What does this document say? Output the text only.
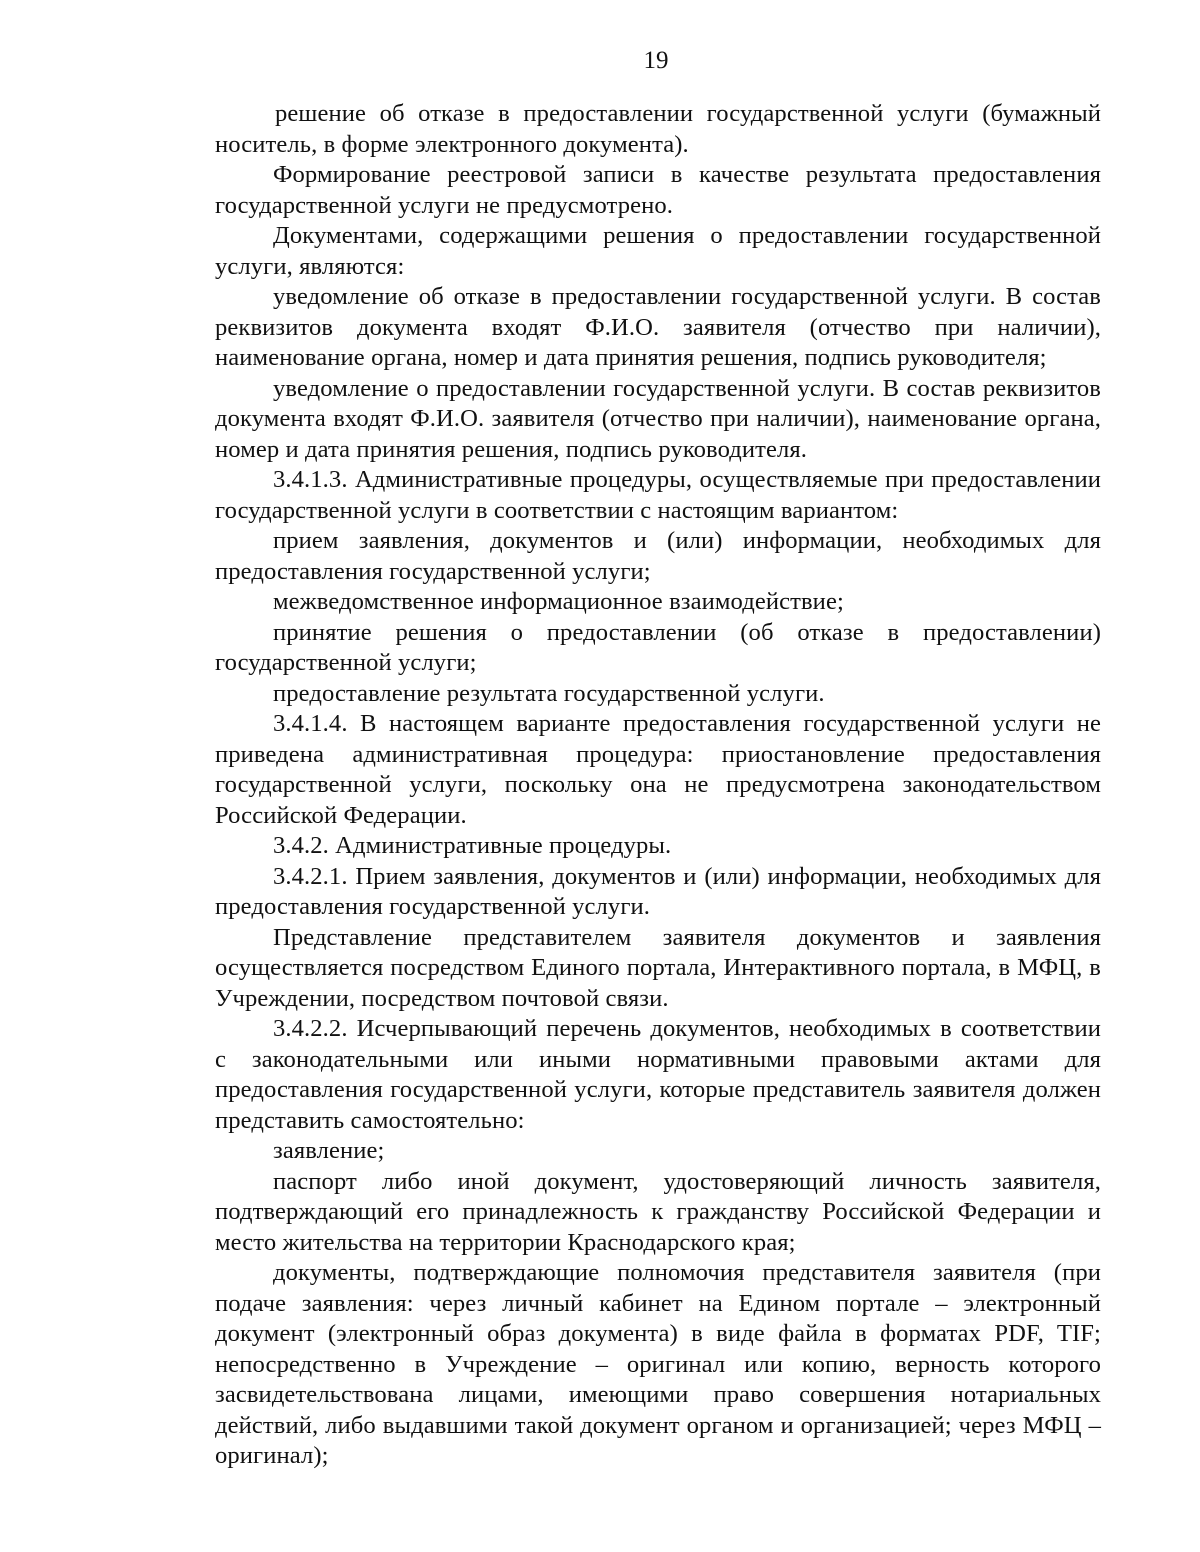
19

решение об отказе в предоставлении государственной услуги (бумажный носитель, в форме электронного документа).

Формирование реестровой записи в качестве результата предоставления государственной услуги не предусмотрено.

Документами, содержащими решения о предоставлении государственной услуги, являются:

уведомление об отказе в предоставлении государственной услуги. В состав реквизитов документа входят Ф.И.О. заявителя (отчество при наличии), наименование органа, номер и дата принятия решения, подпись руководителя;

уведомление о предоставлении государственной услуги. В состав реквизитов документа входят Ф.И.О. заявителя (отчество при наличии), наименование органа, номер и дата принятия решения, подпись руководителя.

3.4.1.3. Административные процедуры, осуществляемые при предоставлении государственной услуги в соответствии с настоящим вариантом:

прием заявления, документов и (или) информации, необходимых для предоставления государственной услуги;

межведомственное информационное взаимодействие;

принятие решения о предоставлении (об отказе в предоставлении) государственной услуги;

предоставление результата государственной услуги.

3.4.1.4. В настоящем варианте предоставления государственной услуги не приведена административная процедура: приостановление предоставления государственной услуги, поскольку она не предусмотрена законодательством Российской Федерации.

3.4.2. Административные процедуры.

3.4.2.1. Прием заявления, документов и (или) информации, необходимых для предоставления государственной услуги.

Представление представителем заявителя документов и заявления осуществляется посредством Единого портала, Интерактивного портала, в МФЦ, в Учреждении, посредством почтовой связи.

3.4.2.2. Исчерпывающий перечень документов, необходимых в соответствии с законодательными или иными нормативными правовыми актами для предоставления государственной услуги, которые представитель заявителя должен представить самостоятельно:

заявление;

паспорт либо иной документ, удостоверяющий личность заявителя, подтверждающий его принадлежность к гражданству Российской Федерации и место жительства на территории Краснодарского края;

документы, подтверждающие полномочия представителя заявителя (при подаче заявления: через личный кабинет на Едином портале – электронный документ (электронный образ документа) в виде файла в форматах PDF, TIF; непосредственно в Учреждение – оригинал или копию, верность которого засвидетельствована лицами, имеющими право совершения нотариальных действий, либо выдавшими такой документ органом и организацией; через МФЦ – оригинал);
